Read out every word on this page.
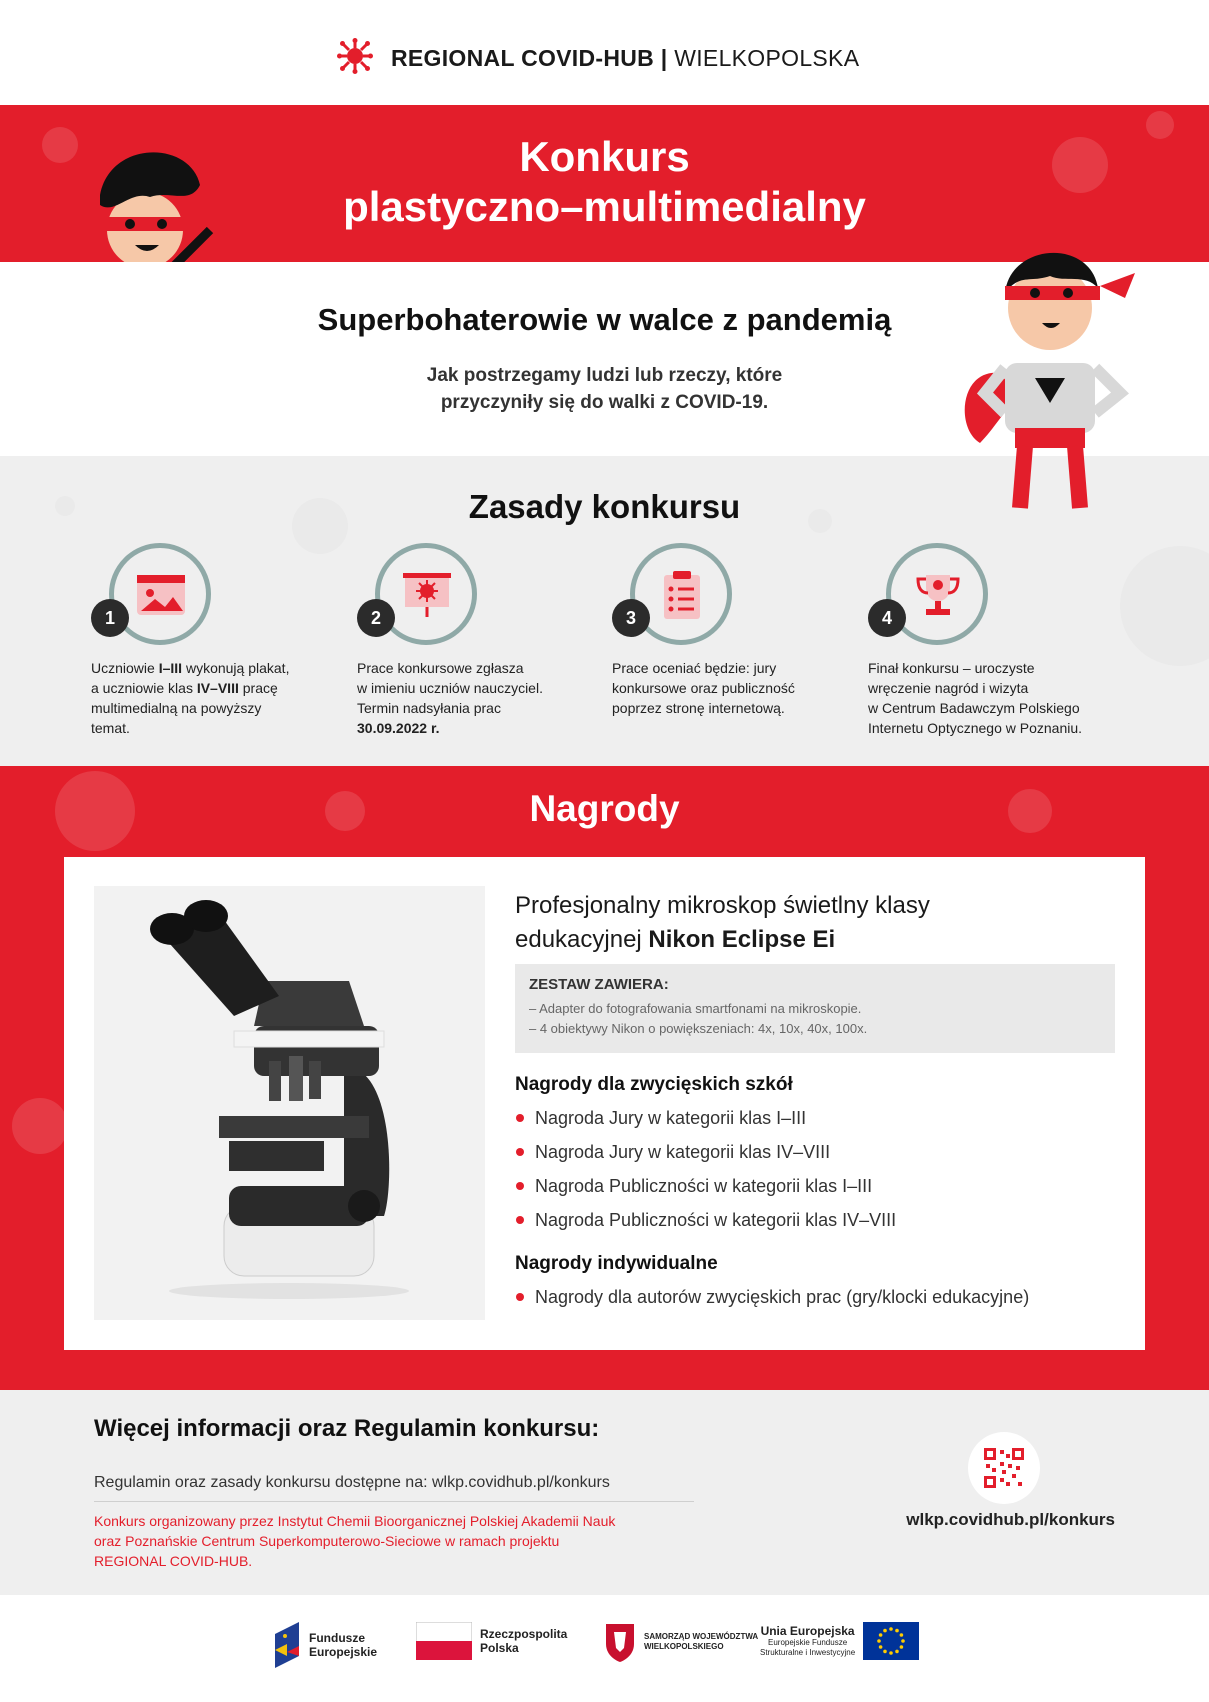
REGIONAL COVID-HUB | WIELKOPOLSKA
Konkurs
plastyczno–multimedialny
Superbohaterowie w walce z pandemią
Jak postrzegamy ludzi lub rzeczy, które
przyczyniły się do walki z COVID-19.
Zasady konkursu
1
Uczniowie I–III wykonują plakat,
a uczniowie klas IV–VIII pracę
multimedialną na powyższy
temat.
2
Prace konkursowe zgłasza
w imieniu uczniów nauczyciel.
Termin nadsyłania prac
30.09.2022 r.
3
Prace oceniać będzie: jury
konkursowe oraz publiczność
poprzez stronę internetową.
4
Finał konkursu – uroczyste
wręczenie nagród i wizyta
w Centrum Badawczym Polskiego
Internetu Optycznego w Poznaniu.
Nagrody
Profesjonalny mikroskop świetlny klasy
edukacyjnej Nikon Eclipse Ei
ZESTAW ZAWIERA:
– Adapter do fotografowania smartfonami na mikroskopie.
– 4 obiektywy Nikon o powiększeniach: 4x, 10x, 40x, 100x.
Nagrody dla zwycięskich szkół
Nagroda Jury w kategorii klas I–III
Nagroda Jury w kategorii klas IV–VIII
Nagroda Publiczności w kategorii klas I–III
Nagroda Publiczności w kategorii klas IV–VIII
Nagrody indywidualne
Nagrody dla autorów zwycięskich prac (gry/klocki edukacyjne)
Więcej informacji oraz Regulamin konkursu:
Regulamin oraz zasady konkursu dostępne na: wlkp.covidhub.pl/konkurs
Konkurs organizowany przez Instytut Chemii Bioorganicznej Polskiej Akademii Nauk
oraz Poznańskie Centrum Superkomputerowo-Sieciowe w ramach projektu
REGIONAL COVID-HUB.
wlkp.covidhub.pl/konkurs
Fundusze
Europejskie
Rzeczpospolita
Polska
SAMORZĄD WOJEWÓDZTWA
WIELKOPOLSKIEGO
Unia Europejska
Europejskie Fundusze
Strukturalne i Inwestycyjne
